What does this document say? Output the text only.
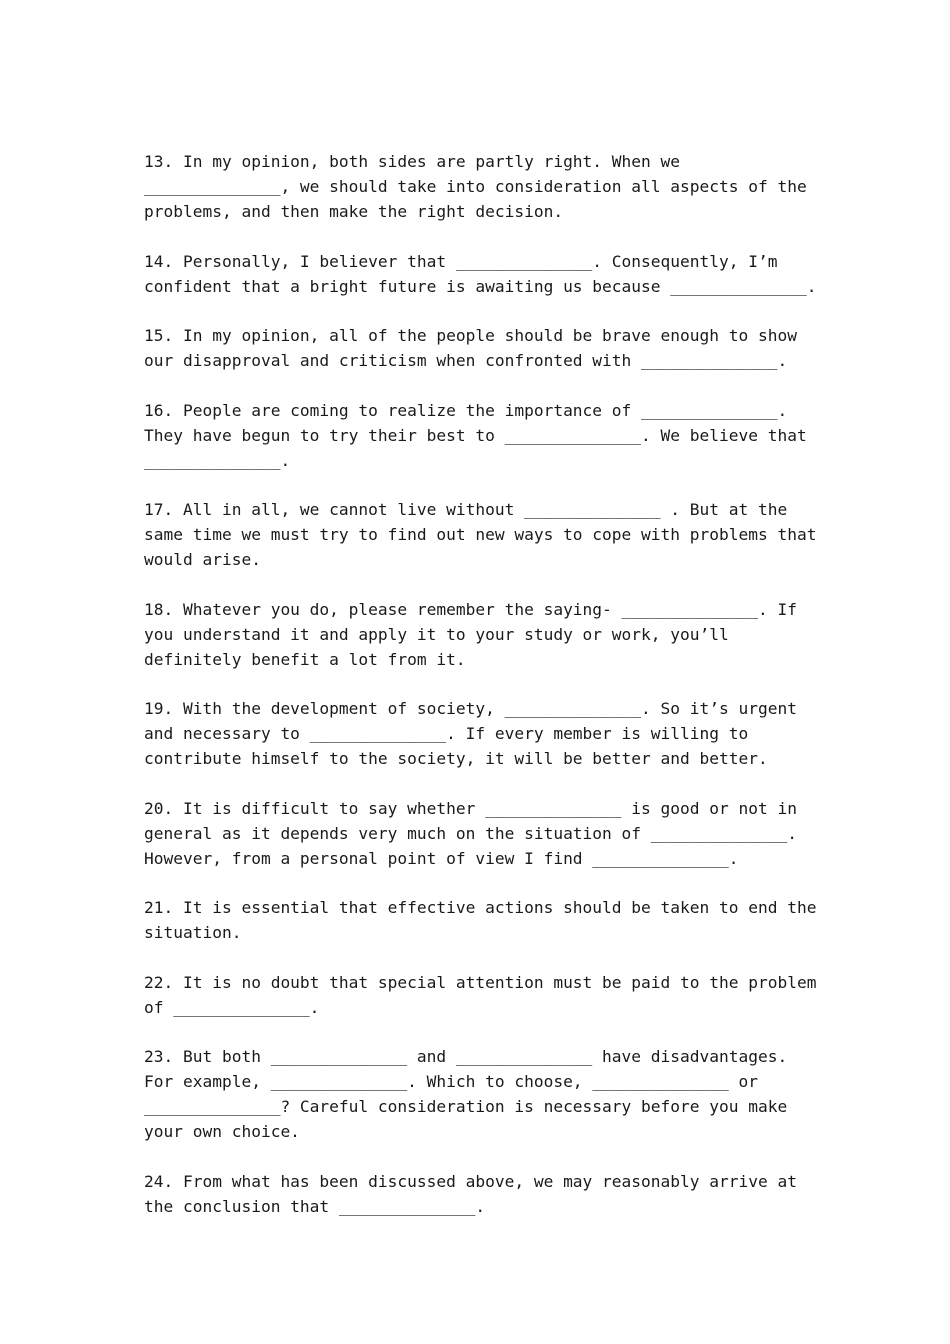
13. In my opinion, both sides are partly right. When we
______________, we should take into consideration all aspects of the
problems, and then make the right decision.
14. Personally, I believer that ______________. Consequently, I’m
confident that a bright future is awaiting us because ______________.
15. In my opinion, all of the people should be brave enough to show
our disapproval and criticism when confronted with ______________.
16. People are coming to realize the importance of ______________.
They have begun to try their best to ______________. We believe that
______________.
17. All in all, we cannot live without ______________ . But at the
same time we must try to find out new ways to cope with problems that
would arise.
18. Whatever you do, please remember the saying- ______________. If
you understand it and apply it to your study or work, you’ll
definitely benefit a lot from it.
19. With the development of society, ______________. So it’s urgent
and necessary to ______________. If every member is willing to
contribute himself to the society, it will be better and better.
20. It is difficult to say whether ______________ is good or not in
general as it depends very much on the situation of ______________.
However, from a personal point of view I find ______________.
21. It is essential that effective actions should be taken to end the
situation.
22. It is no doubt that special attention must be paid to the problem
of ______________.
23. But both ______________ and ______________ have disadvantages.
For example, ______________. Which to choose, ______________ or
______________? Careful consideration is necessary before you make
your own choice.
24. From what has been discussed above, we may reasonably arrive at
the conclusion that ______________.
